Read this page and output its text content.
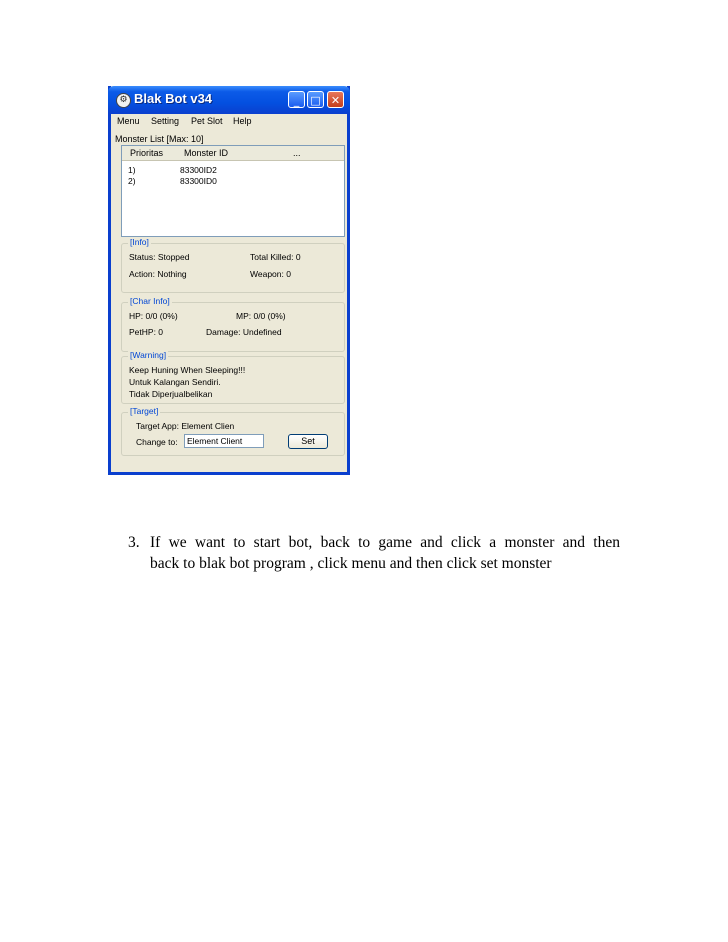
⚙ Blak Bot v34	_	□ ✕
Menu Setting Pet Slot Help
Monster List [Max: 10]
Prioritas Monster ID	...
1)	83300ID2
2)	83300ID0
[Info]
Status: Stopped	Total Killed: 0
Action: Nothing	Weapon: 0
[Char Info]
HP: 0/0 (0%)	MP: 0/0 (0%)
PetHP: 0	Damage: Undefined
[Warning]
Keep Huning When Sleeping!!!
Untuk Kalangan Sendiri.
Tidak Diperjualbelikan
[Target]
Target App: Element Clien
Change to:	Element Client	Set
3. If we want to start bot, back to game and click a monster and then
back to blak bot program , click menu and then click set monster
